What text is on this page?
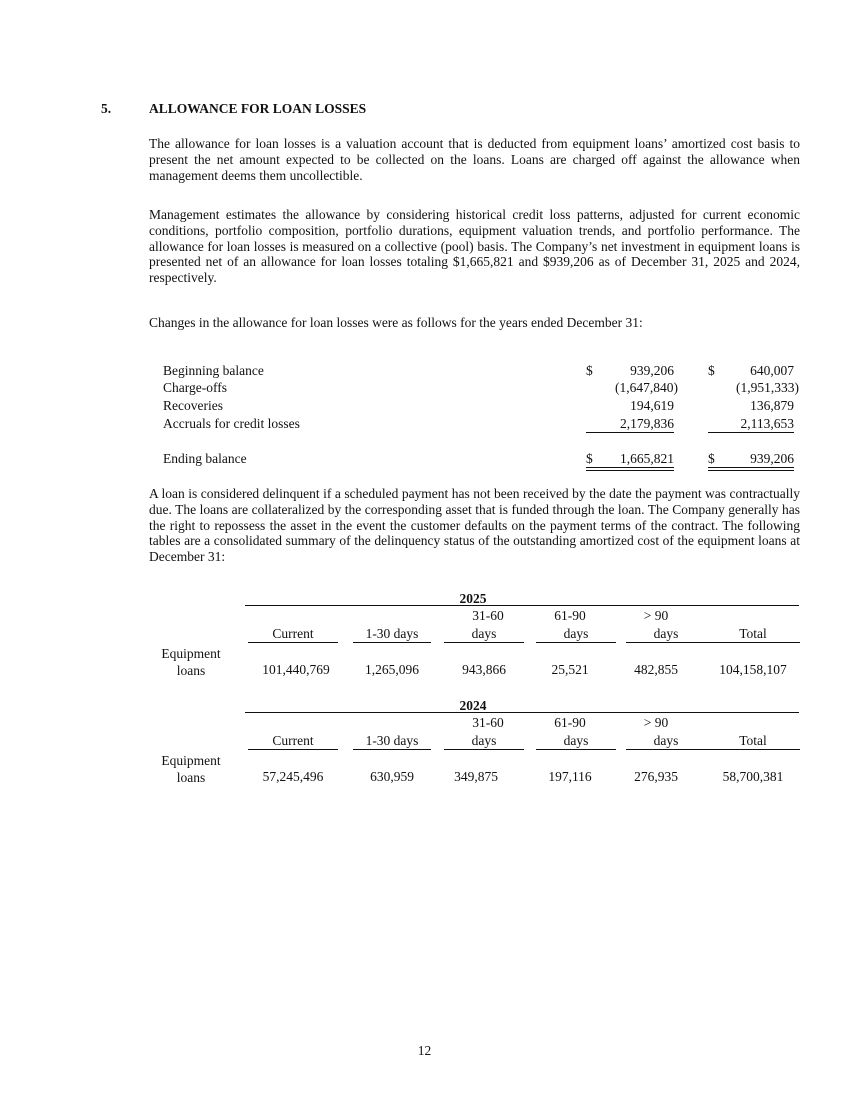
5.	ALLOWANCE FOR LOAN LOSSES
The allowance for loan losses is a valuation account that is deducted from equipment loans’ amortized cost basis to present the net amount expected to be collected on the loans. Loans are charged off against the allowance when management deems them uncollectible.
Management estimates the allowance by considering historical credit loss patterns, adjusted for current economic conditions, portfolio composition, portfolio durations, equipment valuation trends, and portfolio performance. The allowance for loan losses is measured on a collective (pool) basis. The Company’s net investment in equipment loans is presented net of an allowance for loan losses totaling $1,665,821 and $939,206 as of December 31, 2025 and 2024, respectively.
Changes in the allowance for loan losses were as follows for the years ended December 31:
Beginning balance	$	939,206	$	640,007
Charge-offs	(1,647,840)	(1,951,333)
Recoveries	194,619	136,879
Accruals for credit losses	2,179,836	2,113,653
Ending balance	$	1,665,821	$	939,206
A loan is considered delinquent if a scheduled payment has not been received by the date the payment was contractually due. The loans are collateralized by the corresponding asset that is funded through the loan. The Company generally has the right to repossess the asset in the event the customer defaults on the payment terms of the contract. The following tables are a consolidated summary of the delinquency status of the outstanding amortized cost of the equipment loans at December 31:
2025
31-60	61-90	> 90
Current	1-30 days	days	days	days	Total
Equipment
loans	101,440,769	1,265,096	943,866	25,521	482,855	104,158,107
2024
31-60	61-90	> 90
Current	1-30 days	days	days	days	Total
Equipment
loans	57,245,496	630,959	349,875	197,116	276,935	58,700,381
12
